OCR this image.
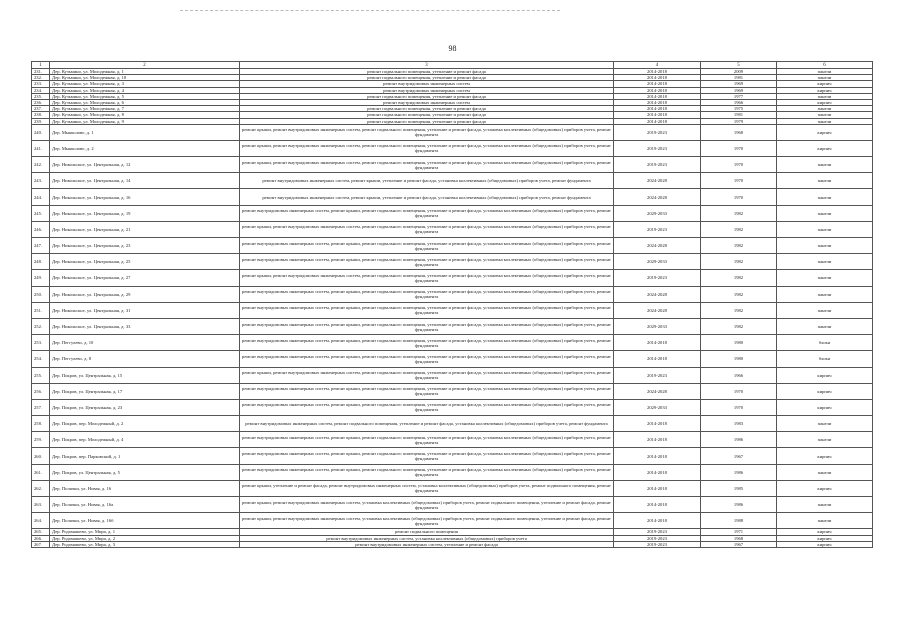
98
1	2	3	4	5	6
231.	Дер. Кузьмино, ул. Молодежная, д. 1	ремонт подвального помещения, утепление и ремонт фасада	2014-2018	2009	панели
232.	Дер. Кузьмино, ул. Молодежная, д. 10	ремонт подвального помещения, утепление и ремонт фасада	2014-2018	1981	панели
233.	Дер. Кузьмино, ул. Молодежная, д. 3	ремонт внутридомовых инженерных систем	2014-2018	1969	кирпич
234.	Дер. Кузьмино, ул. Молодежная, д. 4	ремонт внутридомовых инженерных систем	2014-2018	1969	кирпич
235.	Дер. Кузьмино, ул. Молодежная, д. 5	ремонт подвального помещения, утепление и ремонт фасада	2014-2018	1977	панели
236.	Дер. Кузьмино, ул. Молодежная, д. 6	ремонт внутридомовых инженерных систем	2014-2018	1966	кирпич
237.	Дер. Кузьмино, ул. Молодежная, д. 7	ремонт подвального помещения, утепление и ремонт фасада	2014-2018	1975	панели
238.	Дер. Кузьмино, ул. Молодежная, д. 8	ремонт подвального помещения, утепление и ремонт фасада	2014-2018	1981	панели
239.	Дер. Кузьмино, ул. Молодежная, д. 9	ремонт подвального помещения, утепление и ремонт фасада	2014-2018	1979	панели
240.	Дер. Мыкколово, д. 1	ремонт крыши, ремонт внутридомовых инженерных систем, ремонт подвального помещения, утепление и ремонт фасада, установка коллективных (общедомовых) приборов учета, ремонт фундамента	2019-2023	1968	кирпич
241.	Дер. Мыкколово, д. 2	ремонт крыши, ремонт внутридомовых инженерных систем, ремонт подвального помещения, утепление и ремонт фасада, установка коллективных (общедомовых) приборов учета, ремонт фундамента	2019-2023	1970	кирпич
242.	Дер. Никольское, ул. Центральная, д. 12	ремонт крыши, ремонт внутридомовых инженерных систем, ремонт подвального помещения, утепление и ремонт фасада, установка коллективных (общедомовых) приборов учета, ремонт фундамента	2019-2023	1970	панели
243.	Дер. Никольское, ул. Центральная, д. 14	ремонт внутридомовых инженерных систем, ремонт крыши, утепление и ремонт фасада, установка коллективных (общедомовых) приборов учета, ремонт фундамента	2024-2028	1970	панели
244.	Дер. Никольское, ул. Центральная, д. 16	ремонт внутридомовых инженерных систем, ремонт крыши, утепление и ремонт фасада, установка коллективных (общедомовых) приборов учета, ремонт фундамента	2024-2028	1970	панели
245.	Дер. Никольское, ул. Центральная, д. 19	ремонт внутридомовых инженерных систем, ремонт крыши, ремонт подвального помещения, утепление и ремонт фасада, установка коллективных (общедомовых) приборов учета, ремонт фундамента	2029-2033	1982	панели
246.	Дер. Никольское, ул. Центральная, д. 21	ремонт крыши, ремонт внутридомовых инженерных систем, ремонт подвального помещения, утепление и ремонт фасада, установка коллективных (общедомовых) приборов учета, ремонт фундамента	2019-2023	1982	панели
247.	Дер. Никольское, ул. Центральная, д. 23	ремонт внутридомовых инженерных систем, ремонт крыши, ремонт подвального помещения, утепление и ремонт фасада, установка коллективных (общедомовых) приборов учета, ремонт фундамента	2024-2028	1982	панели
248.	Дер. Никольское, ул. Центральная, д. 25	ремонт внутридомовых инженерных систем, ремонт крыши, ремонт подвального помещения, утепление и ремонт фасада, установка коллективных (общедомовых) приборов учета, ремонт фундамента	2029-2033	1982	панели
249.	Дер. Никольское, ул. Центральная, д. 27	ремонт крыши, ремонт внутридомовых инженерных систем, ремонт подвального помещения, утепление и ремонт фасада, установка коллективных (общедомовых) приборов учета, ремонт фундамента	2019-2023	1982	панели
250.	Дер. Никольское, ул. Центральная, д. 29	ремонт внутридомовых инженерных систем, ремонт крыши, ремонт подвального помещения, утепление и ремонт фасада, установка коллективных (общедомовых) приборов учета, ремонт фундамента	2024-2028	1982	панели
251.	Дер. Никольское, ул. Центральная, д. 31	ремонт внутридомовых инженерных систем, ремонт крыши, ремонт подвального помещения, утепление и ремонт фасада, установка коллективных (общедомовых) приборов учета, ремонт фундамента	2024-2028	1982	панели
252.	Дер. Никольское, ул. Центральная, д. 33	ремонт внутридомовых инженерных систем, ремонт крыши, ремонт подвального помещения, утепление и ремонт фасада, установка коллективных (общедомовых) приборов учета, ремонт фундамента	2029-2033	1982	панели
253.	Дер. Пеггулево, д. 10	ремонт внутридомовых инженерных систем, ремонт крыши, ремонт подвального помещения, утепление и ремонт фасада, установка коллективных (общедомовых) приборов учета, ремонт фундамента	2014-2018	1980	блоки
254.	Дер. Пеггулево, д. 8	ремонт внутридомовых инженерных систем, ремонт крыши, ремонт подвального помещения, утепление и ремонт фасада, установка коллективных (общедомовых) приборов учета, ремонт фундамента	2014-2018	1980	блоки
255.	Дер. Покров, ул. Центральная, д. 15	ремонт крыши, ремонт внутридомовых инженерных систем, ремонт подвального помещения, утепление и ремонт фасада, установка коллективных (общедомовых) приборов учета, ремонт фундамента	2019-2023	1966	кирпич
256.	Дер. Покров, ул. Центральная, д. 17	ремонт внутридомовых инженерных систем, ремонт крыши, ремонт подвального помещения, утепление и ремонт фасада, установка коллективных (общедомовых) приборов учета, ремонт фундамента	2024-2028	1970	кирпич
257.	Дер. Покров, ул. Центральная, д. 23	ремонт внутридомовых инженерных систем, ремонт крыши, ремонт подвального помещения, утепление и ремонт фасада, установка коллективных (общедомовых) приборов учета, ремонт фундамента	2029-2033	1970	кирпич
258.	Дер. Покров, пер. Молодежный, д. 2	ремонт внутридомовых инженерных систем, ремонт подвального помещения, утепление и ремонт фасада, установка коллективных (общедомовых) приборов учета, ремонт фундамента	2014-2018	1983	панели
259.	Дер. Покров, пер. Молодежный, д. 4	ремонт внутридомовых инженерных систем, ремонт крыши, ремонт подвального помещения, утепление и ремонт фасада, установка коллективных (общедомовых) приборов учета, ремонт фундамента	2014-2018	1986	панели
260.	Дер. Покров, пер. Парковский, д. 1	ремонт внутридомовых инженерных систем, ремонт крыши, ремонт подвального помещения, утепление и ремонт фасада, установка коллективных (общедомовых) приборов учета, ремонт фундамента	2014-2018	1967	кирпич
261.	Дер. Покров, ул. Центральная, д. 5	ремонт внутридомовых инженерных систем, ремонт крыши, ремонт подвального помещения, утепление и ремонт фасада, установка коллективных (общедомовых) приборов учета, ремонт фундамента	2014-2018	1986	панели
262.	Дер. Полячки, ул. Новая, д. 16	ремонт крыши, утепление и ремонт фасада, ремонт внутридомовых инженерных систем, установка коллективных (общедомовых) приборов учета, ремонт подвального помещения, ремонт фундамента	2014-2018	1985	кирпич
263.	Дер. Полячки, ул. Новая, д. 16а	ремонт крыши, ремонт внутридомовых инженерных систем, установка коллективных (общедомовых) приборов учета, ремонт подвального помещения, утепление и ремонт фасада, ремонт фундамента	2014-2018	1986	панели
264.	Дер. Полячки, ул. Новая, д. 16б	ремонт крыши, ремонт внутридомовых инженерных систем, установка коллективных (общедомовых) приборов учета, ремонт подвального помещения, утепление и ремонт фасада, ремонт фундамента	2014-2018	1988	панели
265.	Дер. Родомашево, ул. Мира, д. 1	ремонт подвального помещения	2019-2023	1971	кирпич
266.	Дер. Родомашево, ул. Мира, д. 2	ремонт внутридомовых инженерных систем, установка коллективных (общедомовых) приборов учета	2019-2023	1968	кирпич
267.	Дер. Родомашево, ул. Мира, д. 3	ремонт внутридомовых инженерных систем, утепление и ремонт фасада	2019-2023	1967	кирпич
